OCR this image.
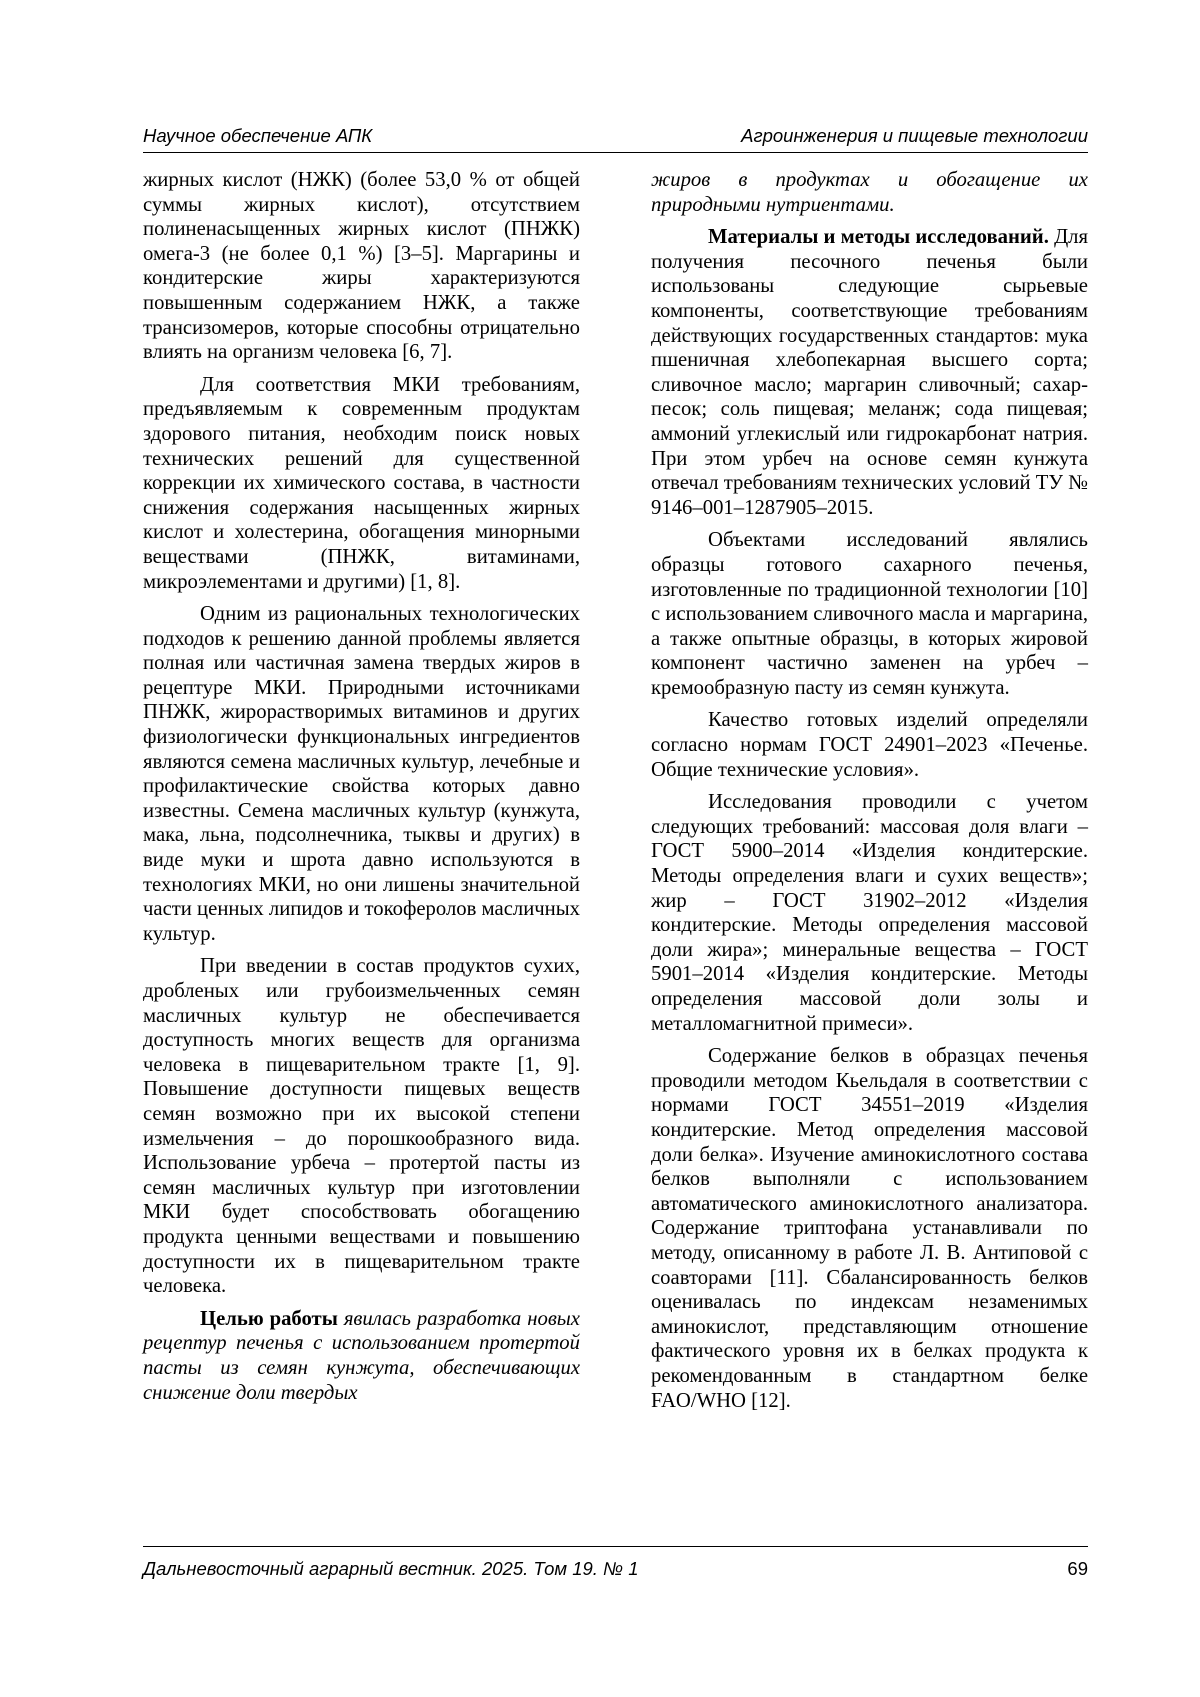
Научное обеспечение АПК	Агроинженерия и пищевые технологии

жирных кислот (НЖК) (более 53,0 % от общей суммы жирных кислот), отсутствием полиненасыщенных жирных кислот (ПНЖК) омега-3 (не более 0,1 %) [3–5]. Маргарины и кондитерские жиры характеризуются повышенным содержанием НЖК, а также трансизомеров, которые способны отрицательно влиять на организм человека [6, 7].

Для соответствия МКИ требованиям, предъявляемым к современным продуктам здорового питания, необходим поиск новых технических решений для существенной коррекции их химического состава, в частности снижения содержания насыщенных жирных кислот и холестерина, обогащения минорными веществами (ПНЖК, витаминами, микроэлементами и другими) [1, 8].

Одним из рациональных технологических подходов к решению данной проблемы является полная или частичная замена твердых жиров в рецептуре МКИ. Природными источниками ПНЖК, жирорастворимых витаминов и других физиологически функциональных ингредиентов являются семена масличных культур, лечебные и профилактические свойства которых давно известны. Семена масличных культур (кунжута, мака, льна, подсолнечника, тыквы и других) в виде муки и шрота давно используются в технологиях МКИ, но они лишены значительной части ценных липидов и токоферолов масличных культур.

При введении в состав продуктов сухих, дробленых или грубоизмельченных семян масличных культур не обеспечивается доступность многих веществ для организма человека в пищеварительном тракте [1, 9]. Повышение доступности пищевых веществ семян возможно при их высокой степени измельчения – до порошкообразного вида. Использование урбеча – протертой пасты из семян масличных культур при изготовлении МКИ будет способствовать обогащению продукта ценными веществами и повышению доступности их в пищеварительном тракте человека.

Целью работы явилась разработка новых рецептур печенья с использованием протертой пасты из семян кунжута, обеспечивающих снижение доли твердых

жиров в продуктах и обогащение их природными нутриентами.

Материалы и методы исследований. Для получения песочного печенья были использованы следующие сырьевые компоненты, соответствующие требованиям действующих государственных стандартов: мука пшеничная хлебопекарная высшего сорта; сливочное масло; маргарин сливочный; сахар-песок; соль пищевая; меланж; сода пищевая; аммоний углекислый или гидрокарбонат натрия. При этом урбеч на основе семян кунжута отвечал требованиям технических условий ТУ № 9146–001–1287905–2015.

Объектами исследований являлись образцы готового сахарного печенья, изготовленные по традиционной технологии [10] с использованием сливочного масла и маргарина, а также опытные образцы, в которых жировой компонент частично заменен на урбеч – кремообразную пасту из семян кунжута.

Качество готовых изделий определяли согласно нормам ГОСТ 24901–2023 «Печенье. Общие технические условия».

Исследования проводили с учетом следующих требований: массовая доля влаги – ГОСТ 5900–2014 «Изделия кондитерские. Методы определения влаги и сухих веществ»; жир – ГОСТ 31902–2012 «Изделия кондитерские. Методы определения массовой доли жира»; минеральные вещества – ГОСТ 5901–2014 «Изделия кондитерские. Методы определения массовой доли золы и металломагнитной примеси».

Содержание белков в образцах печенья проводили методом Кьельдаля в соответствии с нормами ГОСТ 34551–2019 «Изделия кондитерские. Метод определения массовой доли белка». Изучение аминокислотного состава белков выполняли с использованием автоматического аминокислотного анализатора. Содержание триптофана устанавливали по методу, описанному в работе Л. В. Антиповой с соавторами [11]. Сбалансированность белков оценивалась по индексам незаменимых аминокислот, представляющим отношение фактического уровня их в белках продукта к рекомендованным в стандартном белке FAO/WHO [12].

Дальневосточный аграрный вестник. 2025. Том 19. № 1	69
